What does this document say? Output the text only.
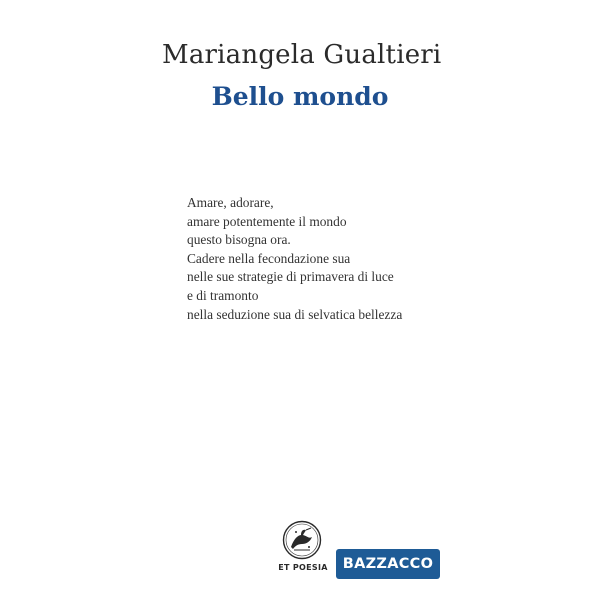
Mariangela Gualtieri
Bello mondo
Amare, adorare,
amare potentemente il mondo
questo bisogna ora.
Cadere nella fecondazione sua
nelle sue strategie di primavera di luce
e di tramonto
nella seduzione sua di selvatica bellezza
ET POESIA	BAZZACCO
